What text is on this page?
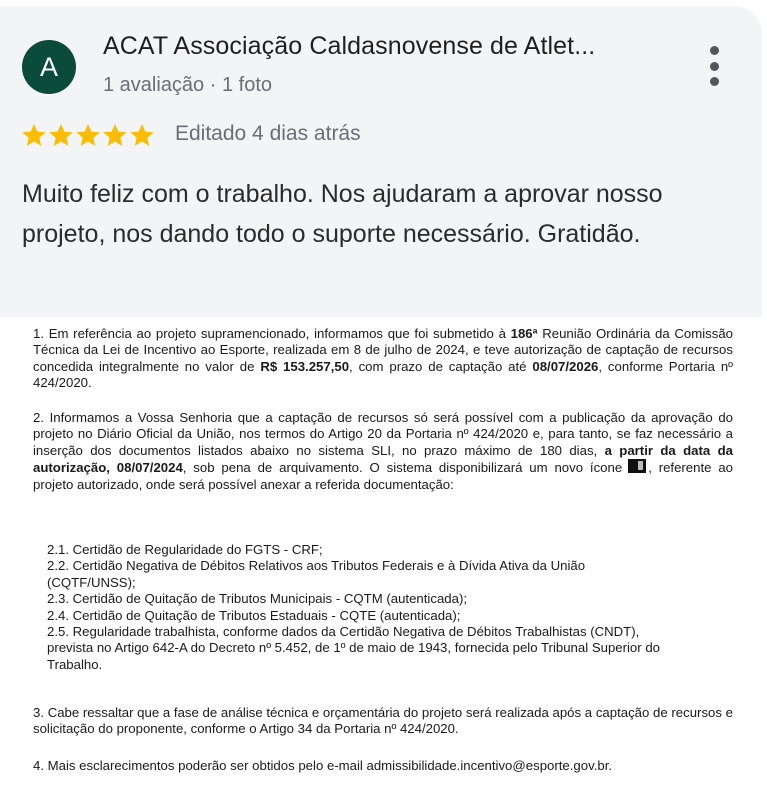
A
ACAT Associação Caldasnovense de Atlet...
1 avaliação · 1 foto
Editado 4 dias atrás
Muito feliz com o trabalho. Nos ajudaram a aprovar nosso projeto, nos dando todo o suporte necessário. Gratidão.
1. Em referência ao projeto supramencionado, informamos que foi submetido à 186ª Reunião Ordinária da Comissão Técnica da Lei de Incentivo ao Esporte, realizada em 8 de julho de 2024, e teve autorização de captação de recursos concedida integralmente no valor de R$ 153.257,50, com prazo de captação até 08/07/2026, conforme Portaria nº 424/2020.
2. Informamos a Vossa Senhoria que a captação de recursos só será possível com a publicação da aprovação do projeto no Diário Oficial da União, nos termos do Artigo 20 da Portaria nº 424/2020 e, para tanto, se faz necessário a inserção dos documentos listados abaixo no sistema SLI, no prazo máximo de 180 dias, a partir da data da autorização, 08/07/2024, sob pena de arquivamento. O sistema disponibilizará um novo ícone , referente ao projeto autorizado, onde será possível anexar a referida documentação:
2.1. Certidão de Regularidade do FGTS - CRF;
2.2. Certidão Negativa de Débitos Relativos aos Tributos Federais e à Dívida Ativa da União
(CQTF/UNSS);
2.3. Certidão de Quitação de Tributos Municipais - CQTM (autenticada);
2.4. Certidão de Quitação de Tributos Estaduais - CQTE (autenticada);
2.5. Regularidade trabalhista, conforme dados da Certidão Negativa de Débitos Trabalhistas (CNDT),
prevista no Artigo 642-A do Decreto nº 5.452, de 1º de maio de 1943, fornecida pelo Tribunal Superior do
Trabalho.
3. Cabe ressaltar que a fase de análise técnica e orçamentária do projeto será realizada após a captação de recursos e solicitação do proponente, conforme o Artigo 34 da Portaria nº 424/2020.
4. Mais esclarecimentos poderão ser obtidos pelo e-mail admissibilidade.incentivo@esporte.gov.br.
